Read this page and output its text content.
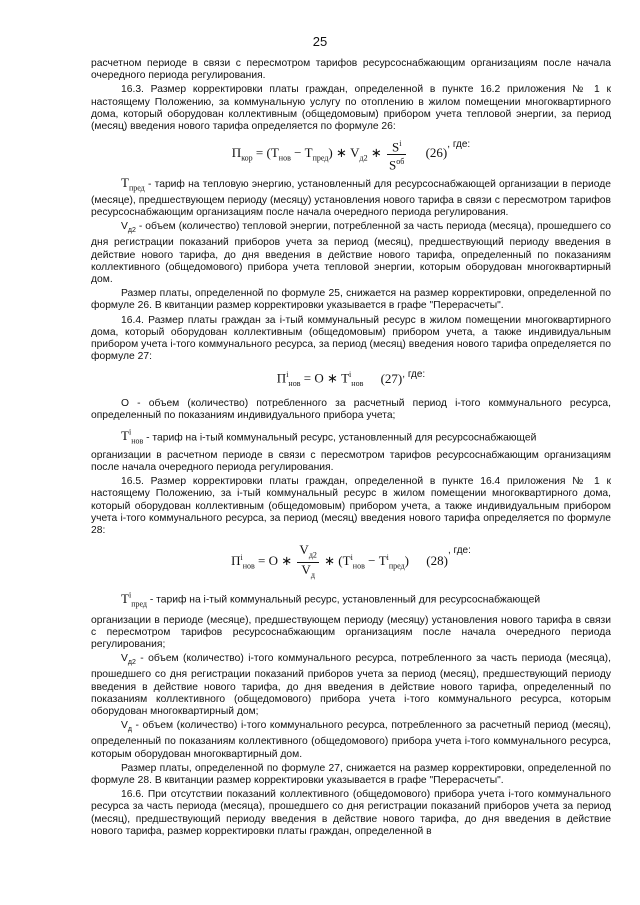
25

расчетном периоде в связи с пересмотром тарифов ресурсоснабжающим организациям после начала очередного периода регулирования.

16.3. Размер корректировки платы граждан, определенной в пункте 16.2 приложения № 1 к настоящему Положению, за коммунальную услугу по отоплению в жилом помещении многоквартирного дома, который оборудован коллективным (общедомовым) прибором учета тепловой энергии, за период (месяц) введения нового тарифа определяется по формуле 26:

$П_{кор} = (Т_{нов} - Т_{пред})$ ∗ $V_{д2}$ ∗ $\frac{S^i}{S^{об}} (26)^{, где:}$

$Т_{пред}$ - тариф на тепловую энергию, установленный для ресурсоснабжающей организации в периоде (месяце), предшествующем периоду (месяцу) установления нового тарифа в связи с пересмотром тарифов ресурсоснабжающим организациям после начала очередного периода регулирования.

$V_{д2}$ - объем (количество) тепловой энергии, потребленной за часть периода (месяца), прошедшего со дня регистрации показаний приборов учета за период (месяц), предшествующий периоду введения в действие нового тарифа, до дня введения в действие нового тарифа, определенный по показаниям коллективного (общедомового) прибора учета тепловой энергии, которым оборудован многоквартирный дом.

Размер платы, определенной по формуле 25, снижается на размер корректировки, определенной по формуле 26. В квитанции размер корректировки указывается в графе "Перерасчеты".

16.4. Размер платы граждан за i-тый коммунальный ресурс в жилом помещении многоквартирного дома, который оборудован коллективным (общедомовым) прибором учета, а также индивидуальным прибором учета i-того коммунального ресурса, за период (месяц) введения нового тарифа определяется по формуле 27:

$П^i_{нов} = О$ ∗ $Т^i_{нов}$ $(27)^{, где:}$

О - объем (количество) потребленного за расчетный период i-того коммунального ресурса, определенный по показаниям индивидуального прибора учета;

$Т^i_{нов}$ - тариф на i-тый коммунальный ресурс, установленный для ресурсоснабжающей

организации в расчетном периоде в связи с пересмотром тарифов ресурсоснабжающим организациям после начала очередного периода регулирования.

16.5. Размер корректировки платы граждан, определенной в пункте 16.4 приложения № 1 к настоящему Положению, за i-тый коммунальный ресурс в жилом помещении многоквартирного дома, который оборудован коллективным (общедомовым) прибором учета, а также индивидуальным прибором учета i-того коммунального ресурса, за период (месяц) введения нового тарифа определяется по формуле 28:

$П^i_{нов} = О$ ∗ $\frac{V_{д2}}{V_д}$ ∗ $(Т^i_{нов} - Т^i_{пред})$ $(28)^{, где:}$

$Т^i_{пред}$ - тариф на i-тый коммунальный ресурс, установленный для ресурсоснабжающей

организации в периоде (месяце), предшествующем периоду (месяцу) установления нового тарифа в связи с пересмотром тарифов ресурсоснабжающим организациям после начала очередного периода регулирования;

$V_{д2}$ - объем (количество) i-того коммунального ресурса, потребленного за часть периода (месяца), прошедшего со дня регистрации показаний приборов учета за период (месяц), предшествующий периоду введения в действие нового тарифа, до дня введения в действие нового тарифа, определенный по показаниям коллективного (общедомового) прибора учета i-того коммунального ресурса, которым оборудован многоквартирный дом;

$V_д$ - объем (количество) i-того коммунального ресурса, потребленного за расчетный период (месяц), определенный по показаниям коллективного (общедомового) прибора учета i-того коммунального ресурса, которым оборудован многоквартирный дом.

Размер платы, определенной по формуле 27, снижается на размер корректировки, определенной по формуле 28. В квитанции размер корректировки указывается в графе "Перерасчеты".

16.6. При отсутствии показаний коллективного (общедомового) прибора учета i-того коммунального ресурса за часть периода (месяца), прошедшего со дня регистрации показаний приборов учета за период (месяц), предшествующий периоду введения в действие нового тарифа, до дня введения в действие нового тарифа, размер корректировки платы граждан, определенной в
